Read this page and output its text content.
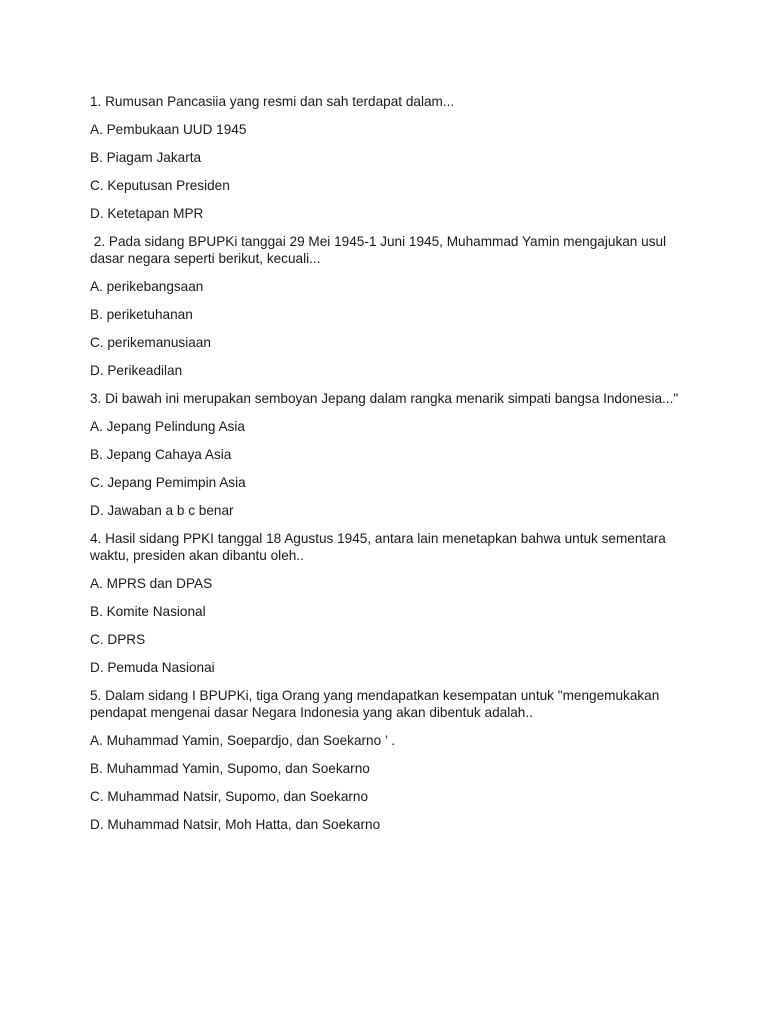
1. Rumusan Pancasiia yang resmi dan sah terdapat dalam...

A. Pembukaan UUD 1945

B. Piagam Jakarta

C. Keputusan Presiden

D. Ketetapan MPR

2. Pada sidang BPUPKi tanggai 29 Mei 1945-1 Juni 1945, Muhammad Yamin mengajukan usul dasar negara seperti berikut, kecuali...

A. perikebangsaan

B. periketuhanan

C. perikemanusiaan

D. Perikeadilan

3. Di bawah ini merupakan semboyan Jepang dalam rangka menarik simpati bangsa Indonesia..."

A. Jepang Pelindung Asia

B. Jepang Cahaya Asia

C. Jepang Pemimpin Asia

D. Jawaban a b c benar

4. Hasil sidang PPKI tanggal 18 Agustus 1945, antara lain menetapkan bahwa untuk sementara waktu, presiden akan dibantu oleh..

A. MPRS dan DPAS

B. Komite Nasional

C. DPRS

D. Pemuda Nasionai

5. Dalam sidang I BPUPKi, tiga Orang yang mendapatkan kesempatan untuk "mengemukakan pendapat mengenai dasar Negara Indonesia yang akan dibentuk adalah..

A. Muhammad Yamin, Soepardjo, dan Soekarno ’ .

B. Muhammad Yamin, Supomo, dan Soekarno

C. Muhammad Natsir, Supomo, dan Soekarno

D. Muhammad Natsir, Moh Hatta, dan Soekarno
